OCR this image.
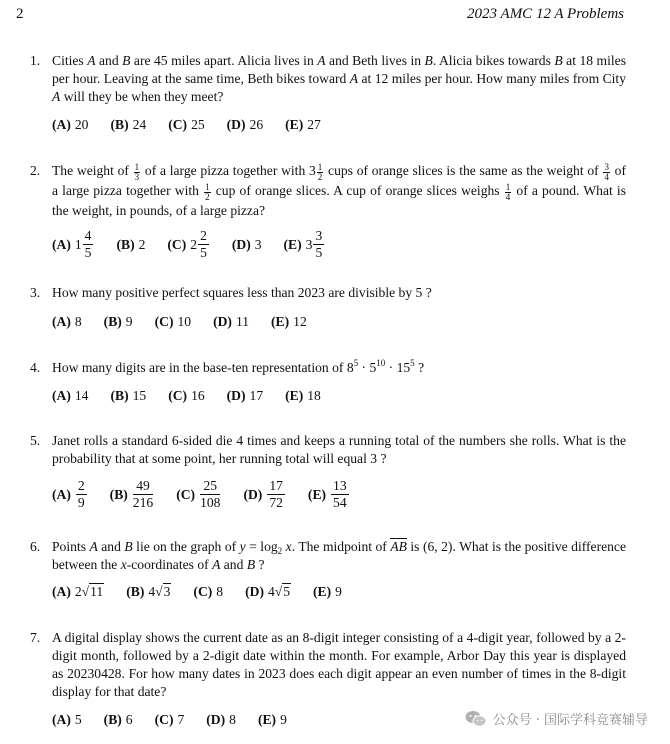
2	2023 AMC 12 A Problems
1. Cities A and B are 45 miles apart. Alicia lives in A and Beth lives in B. Alicia bikes towards B at 18 miles per hour. Leaving at the same time, Beth bikes toward A at 12 miles per hour. How many miles from City A will they be when they meet?
(A) 20 (B) 24 (C) 25 (D) 26 (E) 27
2. The weight of $\frac{1}{3}$ of a large pizza together with $3 \frac{1}{2}$ cups of orange slices is the same as the weight of $\frac{3}{4}$ of a large pizza together with $\frac{1}{2}$ cup of orange slices. A cup of orange slices weighs $\frac{1}{4}$ of a pound. What is the weight, in pounds, of a large pizza?
(A) 1
4
5
(B) 2 (C) 2
2
5
(D) 3 (E) 3
3
5
3. How many positive perfect squares less than 2023 are divisible by 5 ?
(A) 8 (B) 9 (C) 10 (D) 11 (E) 12
4. How many digits are in the base-ten representation of $8^5 \cdot 5^{10} \cdot 15^5$ ?
(A) 14 (B) 15 (C) 16 (D) 17 (E) 18
5. Janet rolls a standard 6-sided die 4 times and keeps a running total of the numbers she rolls. What is the probability that at some point, her running total will equal 3 ?
(A)
2
9
(B)
49
216
(C)
25
108
(D)
17
72
(E)
13
54
6. Points A and B lie on the graph of $y = \log_2 x$. The midpoint of AB is (6, 2). What is the positive difference between the x-coordinates of A and B ?
(A) 2√11 (B) 4√3 (C) 8 (D) 4√5 (E) 9
7. A digital display shows the current date as an 8-digit integer consisting of a 4-digit year, followed by a 2-digit month, followed by a 2-digit date within the month. For example, Arbor Day this year is displayed as 20230428. For how many dates in 2023 does each digit appear an even number of times in the 8-digit display for that date?
(A) 5 (B) 6 (C) 7 (D) 8 (E) 9	公众号 · 国际学科竞赛辅导
